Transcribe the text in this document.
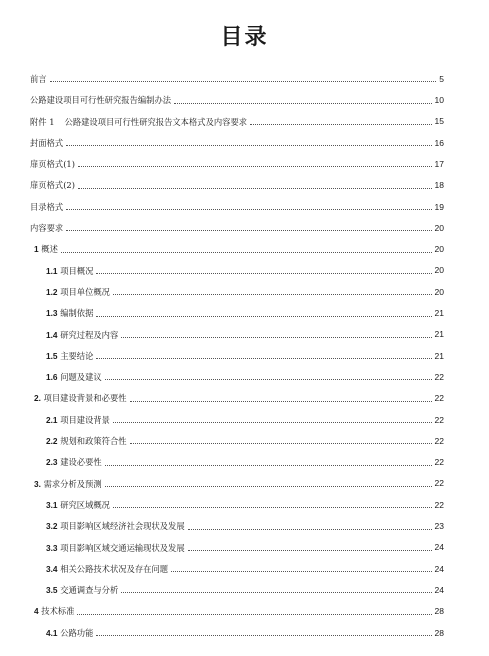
目录
前言	5
公路建设项目可行性研究报告编制办法	10
附件 1 公路建设项目可行性研究报告文本格式及内容要求	15
封面格式	16
扉页格式(1)	17
扉页格式(2)	18
目录格式	19
内容要求	20
1 概述	20
1.1 项目概况	20
1.2 项目单位概况	20
1.3 编制依据	21
1.4 研究过程及内容	21
1.5 主要结论	21
1.6 问题及建议	22
2. 项目建设背景和必要性	22
2.1 项目建设背景	22
2.2 规划和政策符合性	22
2.3 建设必要性	22
3. 需求分析及预测	22
3.1 研究区域概况	22
3.2 项目影响区域经济社会现状及发展	23
3.3 项目影响区域交通运输现状及发展	24
3.4 相关公路技术状况及存在问题	24
3.5 交通调查与分析	24
4 技术标准	28
4.1 公路功能	28
